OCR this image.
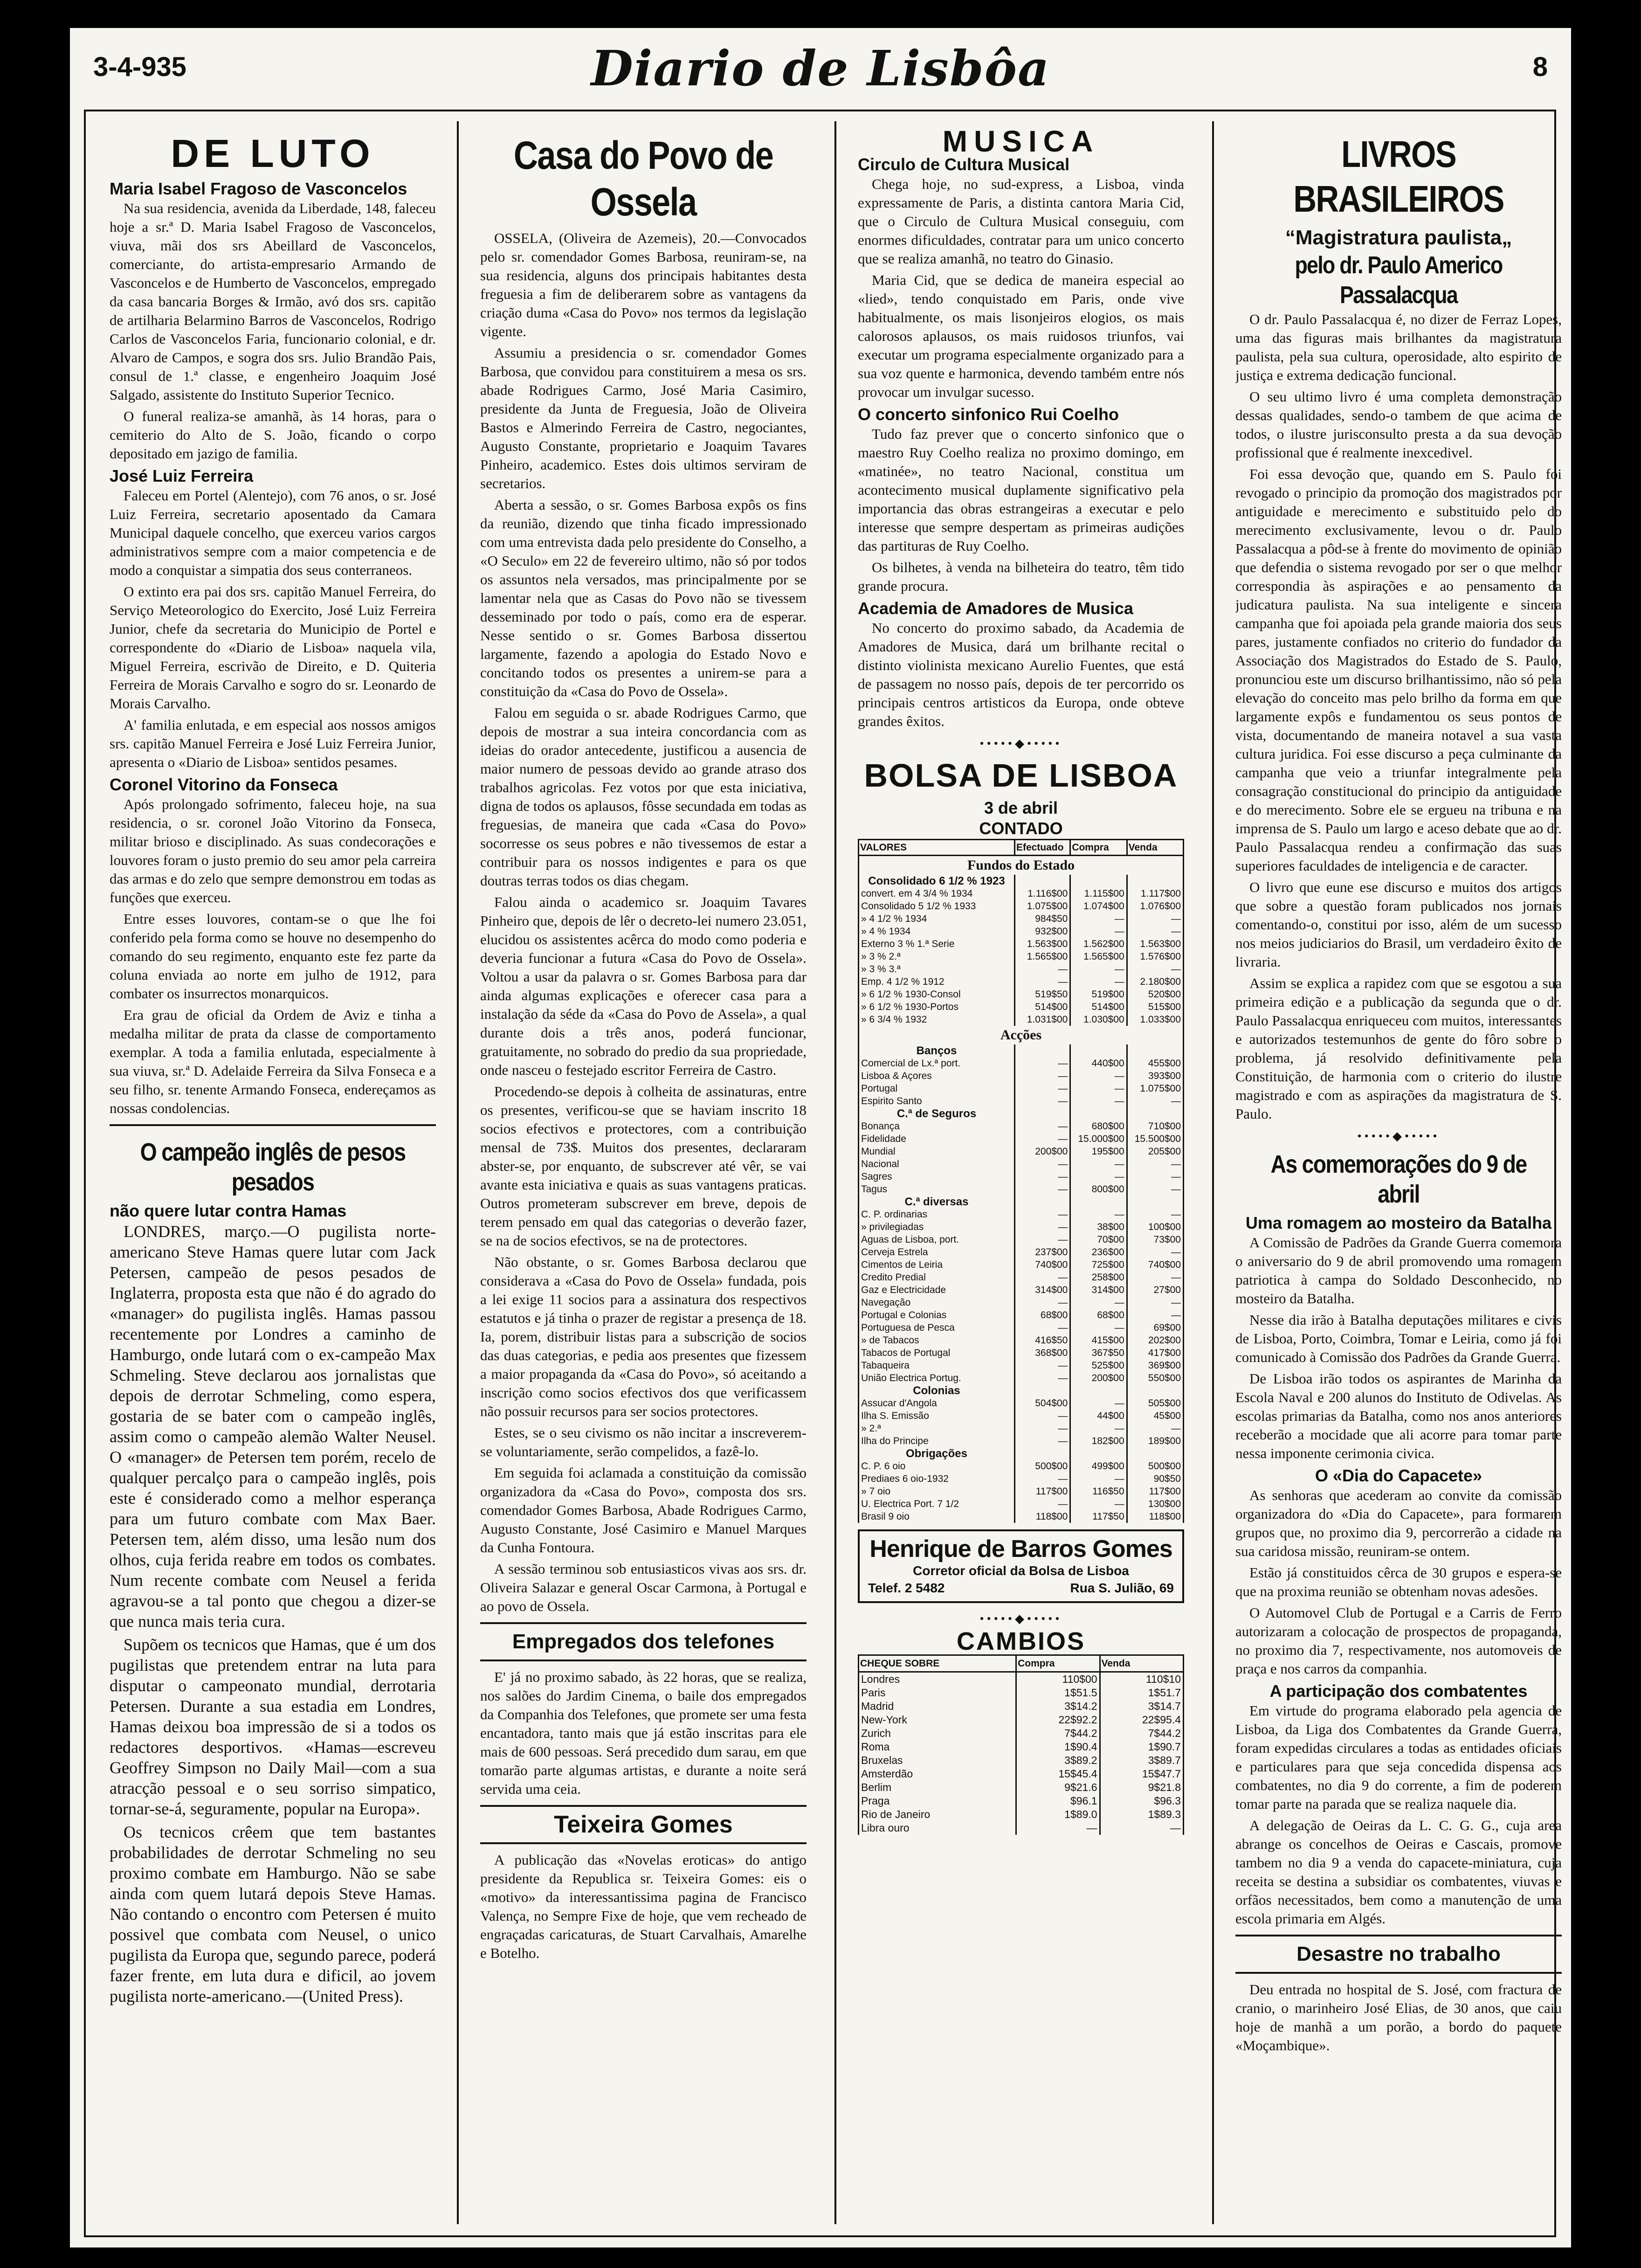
3-4-935	Diario de Lisbôa	8
DE LUTO
Maria Isabel Fragoso de Vasconcelos

Na sua residencia, avenida da Liberdade, 148, faleceu hoje a sr.ª D. Maria Isabel Fragoso de Vasconcelos, viuva, mãi dos srs Abeillard de Vasconcelos, comerciante, do artista-empresario Armando de Vasconcelos e de Humberto de Vasconcelos, empregado da casa bancaria Borges & Irmão, avó dos srs. capitão de artilharia Belarmino Barros de Vasconcelos, Rodrigo Carlos de Vasconcelos Faria, funcionario colonial, e dr. Alvaro de Campos, e sogra dos srs. Julio Brandão Pais, consul de 1.ª classe, e engenheiro Joaquim José Salgado, assistente do Instituto Superior Tecnico.

O funeral realiza-se amanhã, às 14 horas, para o cemiterio do Alto de S. João, ficando o corpo depositado em jazigo de familia.

José Luiz Ferreira

Faleceu em Portel (Alentejo), com 76 anos, o sr. José Luiz Ferreira, secretario aposentado da Camara Municipal daquele concelho, que exerceu varios cargos administrativos sempre com a maior competencia e de modo a conquistar a simpatia dos seus conterraneos.

O extinto era pai dos srs. capitão Manuel Ferreira, do Serviço Meteorologico do Exercito, José Luiz Ferreira Junior, chefe da secretaria do Municipio de Portel e correspondente do «Diario de Lisboa» naquela vila, Miguel Ferreira, escrivão de Direito, e D. Quiteria Ferreira de Morais Carvalho e sogro do sr. Leonardo de Morais Carvalho.

A' familia enlutada, e em especial aos nossos amigos srs. capitão Manuel Ferreira e José Luiz Ferreira Junior, apresenta o «Diario de Lisboa» sentidos pesames.

Coronel Vitorino da Fonseca

Após prolongado sofrimento, faleceu hoje, na sua residencia, o sr. coronel João Vitorino da Fonseca, militar brioso e disciplinado. As suas condecorações e louvores foram o justo premio do seu amor pela carreira das armas e do zelo que sempre demonstrou em todas as funções que exerceu.

Entre esses louvores, contam-se o que lhe foi conferido pela forma como se houve no desempenho do comando do seu regimento, enquanto este fez parte da coluna enviada ao norte em julho de 1912, para combater os insurrectos monarquicos.

Era grau de oficial da Ordem de Aviz e tinha a medalha militar de prata da classe de comportamento exemplar. A toda a familia enlutada, especialmente à sua viuva, sr.ª D. Adelaide Ferreira da Silva Fonseca e a seu filho, sr. tenente Armando Fonseca, endereçamos as nossas condolencias.

O campeão inglês de pesos pesados
não quere lutar contra Hamas

LONDRES, março.—O pugilista norte-americano Steve Hamas quere lutar com Jack Petersen, campeão de pesos pesados de Inglaterra, proposta esta que não é do agrado do «manager» do pugilista inglês. Hamas passou recentemente por Londres a caminho de Hamburgo, onde lutará com o ex-campeão Max Schmeling. Steve declarou aos jornalistas que depois de derrotar Schmeling, como espera, gostaria de se bater com o campeão inglês, assim como o campeão alemão Walter Neusel. O «manager» de Petersen tem porém, recelo de qualquer percalço para o campeão inglês, pois este é considerado como a melhor esperança para um futuro combate com Max Baer. Petersen tem, além disso, uma lesão num dos olhos, cuja ferida reabre em todos os combates. Num recente combate com Neusel a ferida agravou-se a tal ponto que chegou a dizer-se que nunca mais teria cura.

Supõem os tecnicos que Hamas, que é um dos pugilistas que pretendem entrar na luta para disputar o campeonato mundial, derrotaria Petersen. Durante a sua estadia em Londres, Hamas deixou boa impressão de si a todos os redactores desportivos. «Hamas—escreveu Geoffrey Simpson no Daily Mail—com a sua atracção pessoal e o seu sorriso simpatico, tornar-se-á, seguramente, popular na Europa».

Os tecnicos crêem que tem bastantes probabilidades de derrotar Schmeling no seu proximo combate em Hamburgo. Não se sabe ainda com quem lutará depois Steve Hamas. Não contando o encontro com Petersen é muito possivel que combata com Neusel, o unico pugilista da Europa que, segundo parece, poderá fazer frente, em luta dura e dificil, ao jovem pugilista norte-americano.—(United Press).

Casa do Povo de Ossela

OSSELA, (Oliveira de Azemeis), 20.—Convocados pelo sr. comendador Gomes Barbosa, reuniram-se, na sua residencia, alguns dos principais habitantes desta freguesia a fim de deliberarem sobre as vantagens da criação duma «Casa do Povo» nos termos da legislação vigente.

Assumiu a presidencia o sr. comendador Gomes Barbosa, que convidou para constituirem a mesa os srs. abade Rodrigues Carmo, José Maria Casimiro, presidente da Junta de Freguesia, João de Oliveira Bastos e Almerindo Ferreira de Castro, negociantes, Augusto Constante, proprietario e Joaquim Tavares Pinheiro, academico. Estes dois ultimos serviram de secretarios.

Aberta a sessão, o sr. Gomes Barbosa expôs os fins da reunião, dizendo que tinha ficado impressionado com uma entrevista dada pelo presidente do Conselho, a «O Seculo» em 22 de fevereiro ultimo, não só por todos os assuntos nela versados, mas principalmente por se lamentar nela que as Casas do Povo não se tivessem desseminado por todo o país, como era de esperar. Nesse sentido o sr. Gomes Barbosa dissertou largamente, fazendo a apologia do Estado Novo e concitando todos os presentes a unirem-se para a constituição da «Casa do Povo de Ossela».

Falou em seguida o sr. abade Rodrigues Carmo, que depois de mostrar a sua inteira concordancia com as ideias do orador antecedente, justificou a ausencia de maior numero de pessoas devido ao grande atraso dos trabalhos agricolas. Fez votos por que esta iniciativa, digna de todos os aplausos, fôsse secundada em todas as freguesias, de maneira que cada «Casa do Povo» socorresse os seus pobres e não tivessemos de estar a contribuir para os nossos indigentes e para os que doutras terras todos os dias chegam.

Falou ainda o academico sr. Joaquim Tavares Pinheiro que, depois de lêr o decreto-lei numero 23.051, elucidou os assistentes acêrca do modo como poderia e deveria funcionar a futura «Casa do Povo de Ossela». Voltou a usar da palavra o sr. Gomes Barbosa para dar ainda algumas explicações e oferecer casa para a instalação da séde da «Casa do Povo de Assela», a qual durante dois a três anos, poderá funcionar, gratuitamente, no sobrado do predio da sua propriedade, onde nasceu o festejado escritor Ferreira de Castro.

Procedendo-se depois à colheita de assinaturas, entre os presentes, verificou-se que se haviam inscrito 18 socios efectivos e protectores, com a contribuição mensal de 73$. Muitos dos presentes, declararam abster-se, por enquanto, de subscrever até vêr, se vai avante esta iniciativa e quais as suas vantagens praticas. Outros prometeram subscrever em breve, depois de terem pensado em qual das categorias o deverão fazer, se na de socios efectivos, se na de protectores.

Não obstante, o sr. Gomes Barbosa declarou que considerava a «Casa do Povo de Ossela» fundada, pois a lei exige 11 socios para a assinatura dos respectivos estatutos e já tinha o prazer de registar a presença de 18. Ia, porem, distribuir listas para a subscrição de socios das duas categorias, e pedia aos presentes que fizessem a maior propaganda da «Casa do Povo», só aceitando a inscrição como socios efectivos dos que verificassem não possuir recursos para ser socios protectores.

Estes, se o seu civismo os não incitar a inscreverem-se voluntariamente, serão compelidos, a fazê-lo.

Em seguida foi aclamada a constituição da comissão organizadora da «Casa do Povo», composta dos srs. comendador Gomes Barbosa, Abade Rodrigues Carmo, Augusto Constante, José Casimiro e Manuel Marques da Cunha Fontoura.

A sessão terminou sob entusiasticos vivas aos srs. dr. Oliveira Salazar e general Oscar Carmona, à Portugal e ao povo de Ossela.

Empregados dos telefones

E' já no proximo sabado, às 22 horas, que se realiza, nos salões do Jardim Cinema, o baile dos empregados da Companhia dos Telefones, que promete ser uma festa encantadora, tanto mais que já estão inscritas para ele mais de 600 pessoas. Será precedido dum sarau, em que tomarão parte algumas artistas, e durante a noite será servida uma ceia.

Teixeira Gomes

A publicação das «Novelas eroticas» do antigo presidente da Republica sr. Teixeira Gomes: eis o «motivo» da interessantissima pagina de Francisco Valença, no Sempre Fixe de hoje, que vem recheado de engraçadas caricaturas, de Stuart Carvalhais, Amarelhe e Botelho.

MUSICA
Circulo de Cultura Musical

Chega hoje, no sud-express, a Lisboa, vinda expressamente de Paris, a distinta cantora Maria Cid, que o Circulo de Cultura Musical conseguiu, com enormes dificuldades, contratar para um unico concerto que se realiza amanhã, no teatro do Ginasio.

Maria Cid, que se dedica de maneira especial ao «lied», tendo conquistado em Paris, onde vive habitualmente, os mais lisonjeiros elogios, os mais calorosos aplausos, os mais ruidosos triunfos, vai executar um programa especialmente organizado para a sua voz quente e harmonica, devendo também entre nós provocar um invulgar sucesso.

O concerto sinfonico Rui Coelho

Tudo faz prever que o concerto sinfonico que o maestro Ruy Coelho realiza no proximo domingo, em «matinée», no teatro Nacional, constitua um acontecimento musical duplamente significativo pela importancia das obras estrangeiras a executar e pelo interesse que sempre despertam as primeiras audições das partituras de Ruy Coelho.

Os bilhetes, à venda na bilheteira do teatro, têm tido grande procura.

Academia de Amadores de Musica

No concerto do proximo sabado, da Academia de Amadores de Musica, dará um brilhante recital o distinto violinista mexicano Aurelio Fuentes, que está de passagem no nosso país, depois de ter percorrido os principais centros artisticos da Europa, onde obteve grandes êxitos.

•••••◆•••••
BOLSA DE LISBOA
3 de abril
CONTADO
VALORES	Efectuado	Compra	Venda
Fundos do Estado			
Consolidado 6 1/2 % 1923			
convert. em 4 3/4 % 1934	1.116$00	1.115$00	1.117$00
Consolidado 5 1/2 % 1933	1.075$00	1.074$00	1.076$00
» 4 1/2 % 1934	984$50	—	—
» 4 % 1934	932$00	—	—
Externo 3 % 1.ª Serie	1.563$00	1.562$00	1.563$00
» 3 % 2.ª	1.565$00	1.565$00	1.576$00
» 3 % 3.ª	—	—	—
Emp. 4 1/2 % 1912	—	—	2.180$00
» 6 1/2 % 1930-Consol	519$50	519$00	520$00
» 6 1/2 % 1930-Portos	514$00	514$00	515$00
» 6 3/4 % 1932	1.031$00	1.030$00	1.033$00
Acções			
Banços			
Comercial de Lx.ª port.	—	440$00	455$00
Lisboa & Açores	—	—	393$00
Portugal	—	—	1.075$00
Espirito Santo	—	—	—
C.ª de Seguros			
Bonança	—	680$00	710$00
Fidelidade	—	15.000$00	15.500$00
Mundial	200$00	195$00	205$00
Nacional	—	—	—
Sagres	—	—	—
Tagus	—	800$00	—
C.ª diversas			
C. P. ordinarias	—	—	—
» privilegiadas	—	38$00	100$00
Aguas de Lisboa, port.	—	70$00	73$00
Cerveja Estrela	237$00	236$00	—
Cimentos de Leiria	740$00	725$00	740$00
Credito Predial	—	258$00	—
Gaz e Electricidade	314$00	314$00	27$00
Navegação	—	—	—
Portugal e Colonias	68$00	68$00	—
Portuguesa de Pesca	—	—	69$00
» de Tabacos	416$50	415$00	202$00
Tabacos de Portugal	368$00	367$50	417$00
Tabaqueira	—	525$00	369$00
União Electrica Portug.	—	200$00	550$00
Colonias			
Assucar d'Angola	504$00	—	505$00
Ilha S. Emissão	—	44$00	45$00
» 2.ª	—	—	—
Ilha do Principe	—	182$00	189$00
Obrigações			
C. P. 6 oio	500$00	499$00	500$00
Prediaes 6 oio-1932	—	—	90$50
» 7 oio	117$00	116$50	117$00
U. Electrica Port. 7 1/2	—	—	130$00
Brasil 9 oio	118$00	117$50	118$00
Henrique de Barros Gomes
Corretor oficial da Bolsa de Lisboa
Telef. 2 5482	Rua S. Julião, 69
•••••◆•••••
CAMBIOS
CHEQUE SOBRE	Compra	Venda
Londres	110$00	110$10
Paris	1$51.5	1$51.7
Madrid	3$14.2	3$14.7
New-York	22$92.2	22$95.4
Zurich	7$44.2	7$44.2
Roma	1$90.4	1$90.7
Bruxelas	3$89.2	3$89.7
Amsterdão	15$45.4	15$47.7
Berlim	9$21.6	9$21.8
Praga	$96.1	$96.3
Rio de Janeiro	1$89.0	1$89.3
Libra ouro	—	—
LIVROS BRASILEIROS
“Magistratura paulista„
pelo dr. Paulo Americo Passalacqua

O dr. Paulo Passalacqua é, no dizer de Ferraz Lopes, uma das figuras mais brilhantes da magistratura paulista, pela sua cultura, operosidade, alto espirito de justiça e extrema dedicação funcional.

O seu ultimo livro é uma completa demonstração dessas qualidades, sendo-o tambem de que acima de todos, o ilustre jurisconsulto presta a da sua devoção profissional que é realmente inexcedivel.

Foi essa devoção que, quando em S. Paulo foi revogado o principio da promoção dos magistrados por antiguidade e merecimento e substituido pelo do merecimento exclusivamente, levou o dr. Paulo Passalacqua a pôd-se à frente do movimento de opinião que defendia o sistema revogado por ser o que melhor correspondia às aspirações e ao pensamento da judicatura paulista. Na sua inteligente e sincera campanha que foi apoiada pela grande maioria dos seus pares, justamente confiados no criterio do fundador da Associação dos Magistrados do Estado de S. Paulo, pronunciou este um discurso brilhantissimo, não só pela elevação do conceito mas pelo brilho da forma em que largamente expôs e fundamentou os seus pontos de vista, documentando de maneira notavel a sua vasta cultura juridica. Foi esse discurso a peça culminante da campanha que veio a triunfar integralmente pela consagração constitucional do principio da antiguidade e do merecimento. Sobre ele se ergueu na tribuna e na imprensa de S. Paulo um largo e aceso debate que ao dr. Paulo Passalacqua rendeu a confirmação das suas superiores faculdades de inteligencia e de caracter.

O livro que eune ese discurso e muitos dos artigos que sobre a questão foram publicados nos jornais comentando-o, constitui por isso, além de um sucesso nos meios judiciarios do Brasil, um verdadeiro êxito de livraria.

Assim se explica a rapidez com que se esgotou a sua primeira edição e a publicação da segunda que o dr. Paulo Passalacqua enriqueceu com muitos, interessantes e autorizados testemunhos de gente do fôro sobre o problema, já resolvido definitivamente pela Constituição, de harmonia com o criterio do ilustre magistrado e com as aspirações da magistratura de S. Paulo.

•••••◆•••••
As comemorações do 9 de abril
Uma romagem ao mosteiro da Batalha

A Comissão de Padrões da Grande Guerra comemora o aniversario do 9 de abril promovendo uma romagem patriotica à campa do Soldado Desconhecido, no mosteiro da Batalha.

Nesse dia irão à Batalha deputações militares e civis de Lisboa, Porto, Coimbra, Tomar e Leiria, como já foi comunicado à Comissão dos Padrões da Grande Guerra.

De Lisboa irão todos os aspirantes de Marinha da Escola Naval e 200 alunos do Instituto de Odivelas. As escolas primarias da Batalha, como nos anos anteriores receberão a mocidade que ali acorre para tomar parte nessa imponente cerimonia civica.

O «Dia do Capacete»

As senhoras que acederam ao convite da comissão organizadora do «Dia do Capacete», para formarem grupos que, no proximo dia 9, percorrerão a cidade na sua caridosa missão, reuniram-se ontem.

Estão já constituidos cêrca de 30 grupos e espera-se que na proxima reunião se obtenham novas adesões.

O Automovel Club de Portugal e a Carris de Ferro autorizaram a colocação de prospectos de propaganda, no proximo dia 7, respectivamente, nos automoveis de praça e nos carros da companhia.

A participação dos combatentes

Em virtude do programa elaborado pela agencia de Lisboa, da Liga dos Combatentes da Grande Guerra, foram expedidas circulares a todas as entidades oficiais e particulares para que seja concedida dispensa aos combatentes, no dia 9 do corrente, a fim de poderem tomar parte na parada que se realiza naquele dia.

A delegação de Oeiras da L. C. G. G., cuja area abrange os concelhos de Oeiras e Cascais, promove tambem no dia 9 a venda do capacete-miniatura, cuja receita se destina a subsidiar os combatentes, viuvas e orfãos necessitados, bem como a manutenção de uma escola primaria em Algés.

Desastre no trabalho

Deu entrada no hospital de S. José, com fractura de cranio, o marinheiro José Elias, de 30 anos, que caiu hoje de manhã a um porão, a bordo do paquete «Moçambique».
